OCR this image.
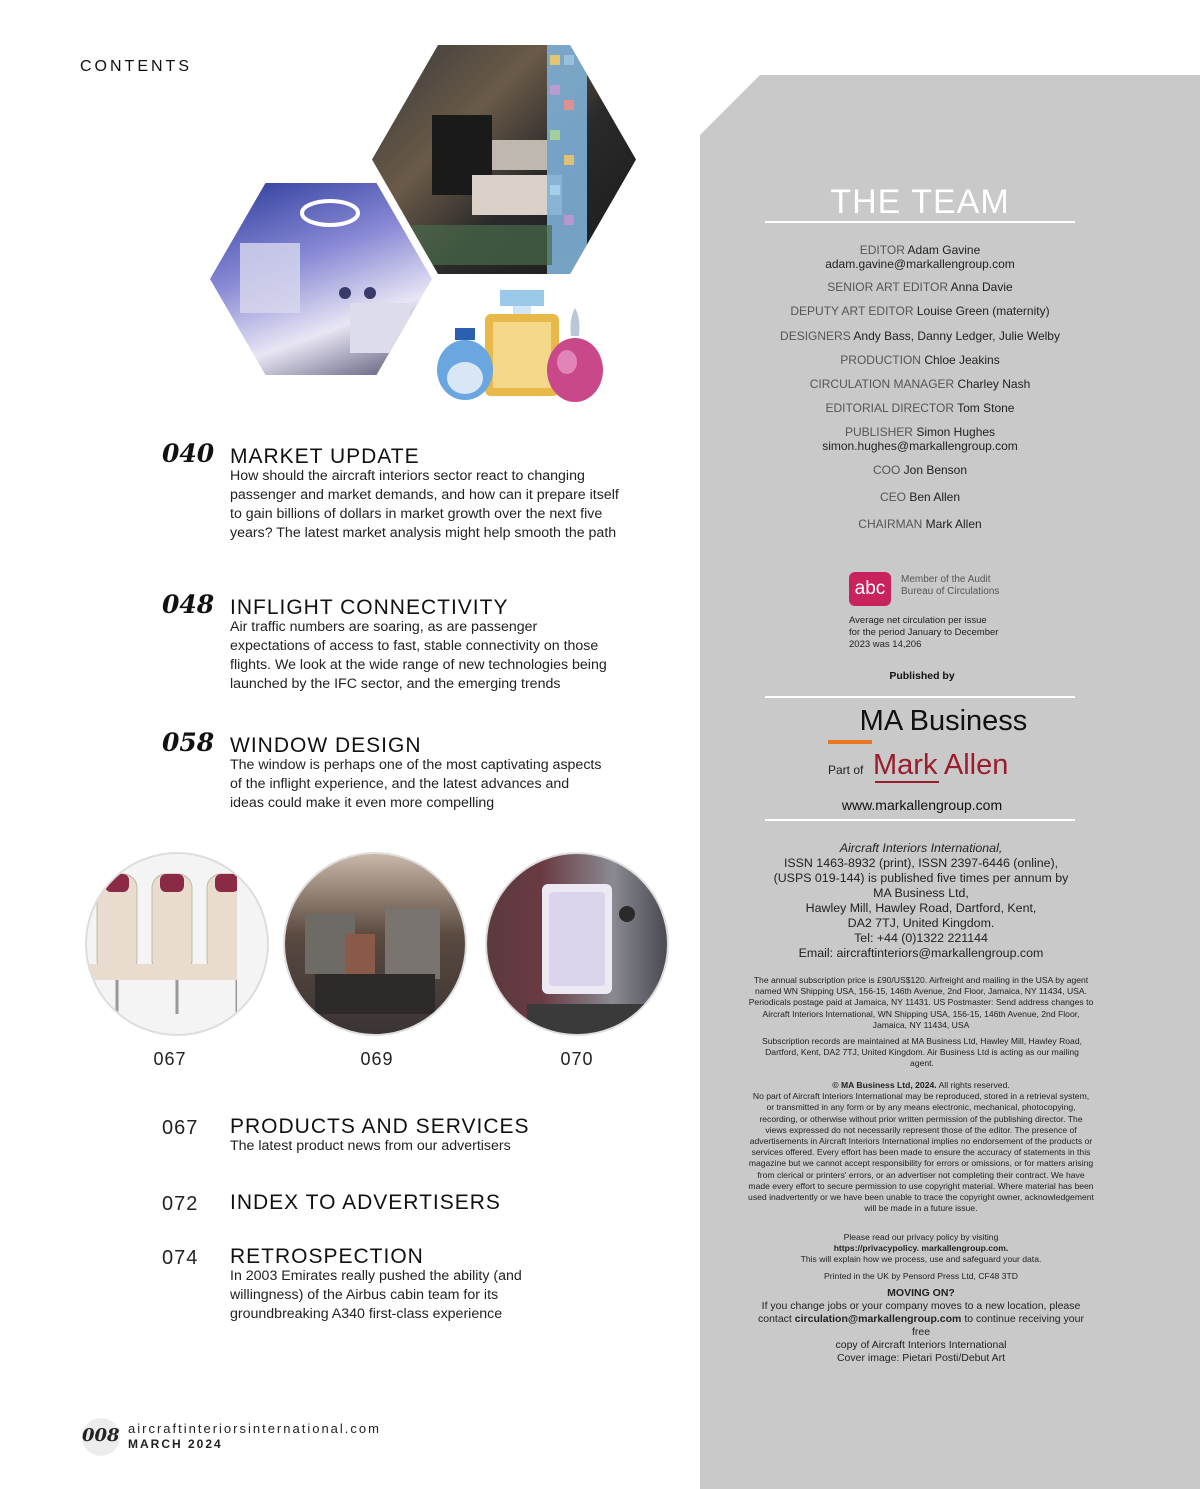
CONTENTS
040 MARKET UPDATE
How should the aircraft interiors sector react to changing passenger and market demands, and how can it prepare itself to gain billions of dollars in market growth over the next five years? The latest market analysis might help smooth the path
048 INFLIGHT CONNECTIVITY
Air traffic numbers are soaring, as are passenger expectations of access to fast, stable connectivity on those flights. We look at the wide range of new technologies being launched by the IFC sector, and the emerging trends
058 WINDOW DESIGN
The window is perhaps one of the most captivating aspects of the inflight experience, and the latest advances and ideas could make it even more compelling
067	069	070
067 PRODUCTS AND SERVICES
The latest product news from our advertisers
072 INDEX TO ADVERTISERS
074 RETROSPECTION
In 2003 Emirates really pushed the ability (and willingness) of the Airbus cabin team for its groundbreaking A340 first-class experience
008 aircraftinteriorsinternational.com
MARCH 2024
THE TEAM
EDITOR Adam Gavine
adam.gavine@markallengroup.com
SENIOR ART EDITOR Anna Davie
DEPUTY ART EDITOR Louise Green (maternity)
DESIGNERS Andy Bass, Danny Ledger, Julie Welby
PRODUCTION Chloe Jeakins
CIRCULATION MANAGER Charley Nash
EDITORIAL DIRECTOR Tom Stone
PUBLISHER Simon Hughes
simon.hughes@markallengroup.com
COO Jon Benson
CEO Ben Allen
CHAIRMAN Mark Allen
abc	Member of the Audit
Bureau of Circulations
Average net circulation per issue for the period January to December 2023 was 14,206
Published by
MA Business
Part of Mark Allen
www.markallengroup.com
Aircraft Interiors International,
ISSN 1463-8932 (print), ISSN 2397-6446 (online),
(USPS 019-144) is published five times per annum by
MA Business Ltd,
Hawley Mill, Hawley Road, Dartford, Kent,
DA2 7TJ, United Kingdom.
Tel: +44 (0)1322 221144
Email: aircraftinteriors@markallengroup.com
The annual subscription price is £90/US$120. Airfreight and mailing in the USA by agent named WN Shipping USA, 156-15, 146th Avenue, 2nd Floor, Jamaica, NY 11434, USA. Periodicals postage paid at Jamaica, NY 11431. US Postmaster: Send address changes to Aircraft Interiors International, WN Shipping USA, 156-15, 146th Avenue, 2nd Floor, Jamaica, NY 11434, USA
Subscription records are maintained at MA Business Ltd, Hawley Mill, Hawley Road, Dartford, Kent, DA2 7TJ, United Kingdom. Air Business Ltd is acting as our mailing agent.
© MA Business Ltd, 2024. All rights reserved.
No part of Aircraft Interiors International may be reproduced, stored in a retrieval system, or transmitted in any form or by any means electronic, mechanical, photocopying, recording, or otherwise without prior written permission of the publishing director. The views expressed do not necessarily represent those of the editor. The presence of advertisements in Aircraft Interiors International implies no endorsement of the products or services offered. Every effort has been made to ensure the accuracy of statements in this magazine but we cannot accept responsibility for errors or omissions, or for matters arising from clerical or printers' errors, or an advertiser not completing their contract. We have made every effort to secure permission to use copyright material. Where material has been used inadvertently or we have been unable to trace the copyright owner, acknowledgement will be made in a future issue.
Please read our privacy policy by visiting
https://privacypolicy. markallengroup.com.
This will explain how we process, use and safeguard your data.
Printed in the UK by Pensord Press Ltd, CF48 3TD
MOVING ON?
If you change jobs or your company moves to a new location, please
contact circulation@markallengroup.com to continue receiving your free
copy of Aircraft Interiors International
Cover image: Pietari Posti/Debut Art
